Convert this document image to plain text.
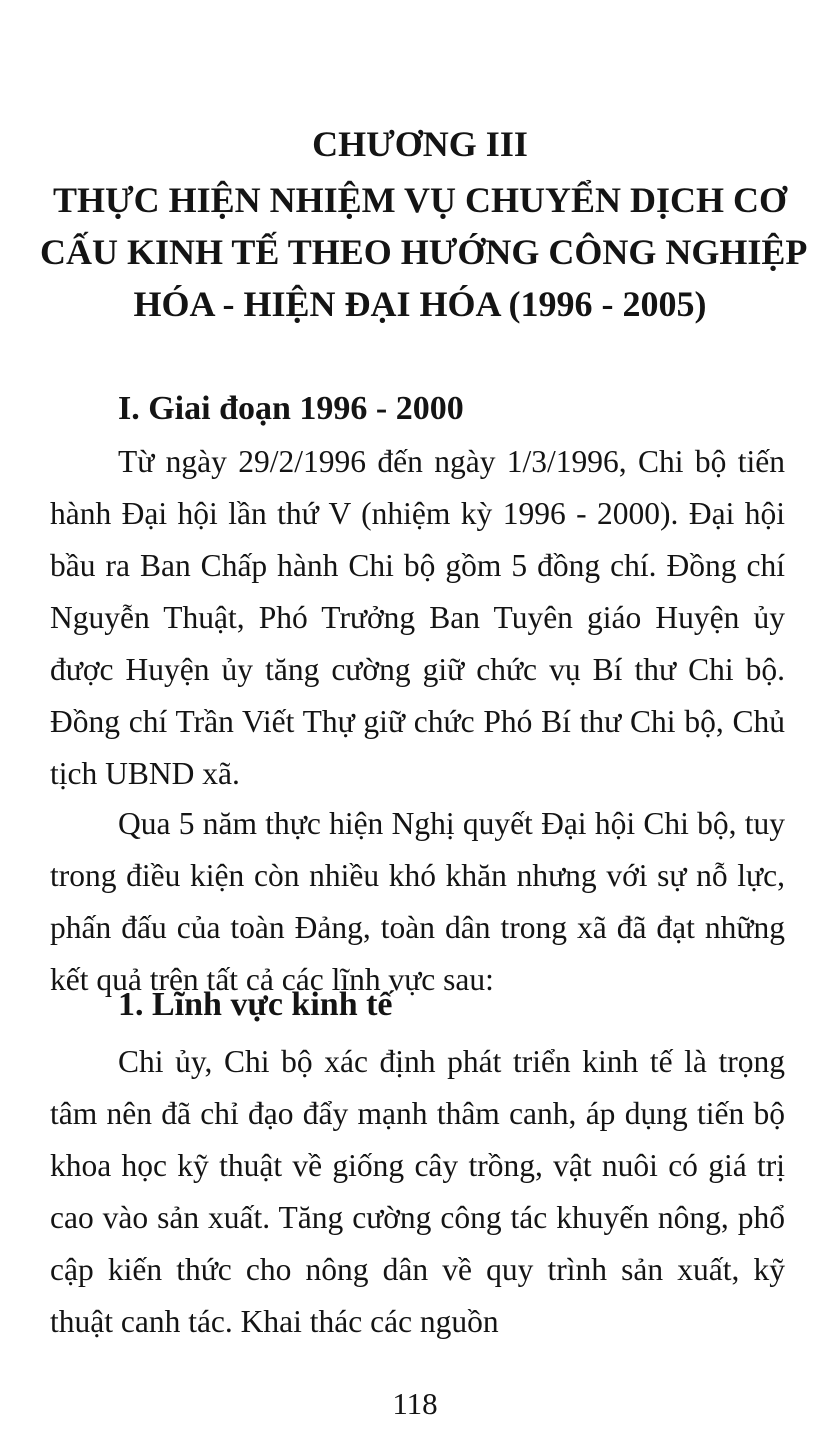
CHƯƠNG III
THỰC HIỆN NHIỆM VỤ CHUYỂN DỊCH CƠ
CẤU KINH TẾ THEO HƯỚNG CÔNG NGHIỆP
HÓA - HIỆN ĐẠI HÓA (1996 - 2005)
I. Giai đoạn 1996 - 2000

Từ ngày 29/2/1996 đến ngày 1/3/1996, Chi bộ tiến hành Đại hội lần thứ V (nhiệm kỳ 1996 - 2000). Đại hội bầu ra Ban Chấp hành Chi bộ gồm 5 đồng chí. Đồng chí Nguyễn Thuật, Phó Trưởng Ban Tuyên giáo Huyện ủy được Huyện ủy tăng cường giữ chức vụ Bí thư Chi bộ. Đồng chí Trần Viết Thự giữ chức Phó Bí thư Chi bộ, Chủ tịch UBND xã.

Qua 5 năm thực hiện Nghị quyết Đại hội Chi bộ, tuy trong điều kiện còn nhiều khó khăn nhưng với sự nỗ lực, phấn đấu của toàn Đảng, toàn dân trong xã đã đạt những kết quả trên tất cả các lĩnh vực sau:

1. Lĩnh vực kinh tế

Chi ủy, Chi bộ xác định phát triển kinh tế là trọng tâm nên đã chỉ đạo đẩy mạnh thâm canh, áp dụng tiến bộ khoa học kỹ thuật về giống cây trồng, vật nuôi có giá trị cao vào sản xuất. Tăng cường công tác khuyến nông, phổ cập kiến thức cho nông dân về quy trình sản xuất, kỹ thuật canh tác. Khai thác các nguồn

118
